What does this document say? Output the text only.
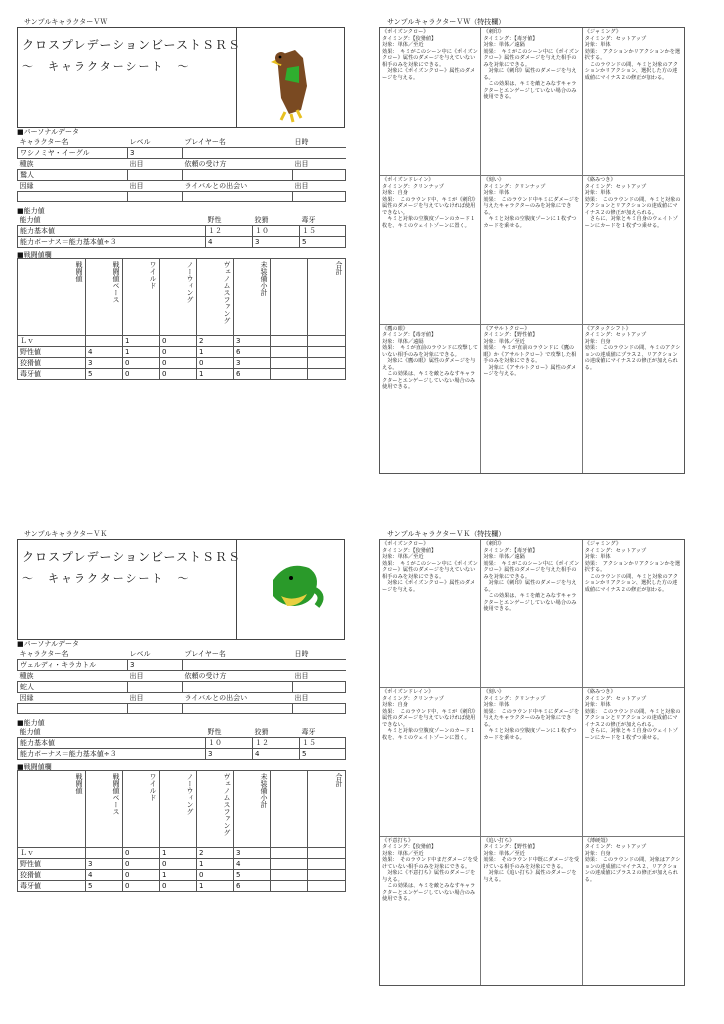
サンプルキャラクターＶＷ
クロスプレデーションビーストＳＲＳ
～　キャラクターシート　～
■パーソナルデータ
キャラクター名	レベル	プレイヤー名	日時
ワシノミヤ・イーグル	3		
種族	出目	依頼の受け方	出目
鷲人			
因縁	出目	ライバルとの出会い	出目

■能力値
能力値	野性	狡猾	毒牙
能力基本値	１２	１０	１５
能力ボーナス＝能力基本値÷３	4	3	5
■戦闘値欄
戦闘値	戦闘値ベース	ワイルド	ノーウィング	ヴェノムスファング	未装備小計		合計
Ｌｖ		1	0	2	3		
野性値	4	1	0	1	6		
狡猾値	3	0	0	0	3		
毒牙値	5	0	0	1	6		
サンプルキャラクターＶＷ（特技欄）
《ポイズンクロー》
タイミング：【狡猾値】
対象：単体／至近
効果：　キミがこのシーン中に《ポイズンクロー》属性のダメージを与えていない相手のみを対象にできる。
　対象に《ポイズンクロー》属性のダメージを与える。
《刺印》
タイミング：【毒牙値】
対象：単体／遠隔
効果：　キミがこのシーン中に《ポイズンクロー》属性のダメージを与えた相手のみを対象にできる。
　対象に《刺印》属性のダメージを与える。
　この効果は、キミを敵とみなすキャラクターとエンゲージしていない場合のみ使用できる。
《ジャミング》
タイミング：セットアップ
対象：単体
効果：　アクションかリアクションかを選択する。
　このラウンドの間、キミと対象のアクションかリアクション、選択した方の達成値にマイナス２の修正が加わる。
《ポイズンドレイン》
タイミング：クリンナップ
対象：自身
効果：　このラウンド中、キミが《刺印》属性のダメージを与えていなければ使用できない。
　キミと対象の空腹度ゾーンのカード１枚を、キミのウェイトゾーンに置く。
《刻い》
タイミング：クリンナップ
対象：単体
効果：　このラウンド中キミにダメージを与えたキャラクターのみを対象にできる。
　キミと対象の空腹度ゾーンに１枚ずつカードを乗せる。
《絡みつき》
タイミング：セットアップ
対象：単体
効果：　このラウンドの間、キミと対象のアクションとリアクションの達成値にマイナス２の修正が加えられる。
　さらに、対象とキミ自身のウェイトゾーンにカードを１枚ずつ乗せる。
《鷹の眼》
タイミング：【毒牙値】
対象：単体／遠隔
効果：　キミが直前のラウンドに攻撃していない相手のみを対象にできる。
　対象に《鷹の眼》属性のダメージを与える。
　この効果は、キミを敵とみなすキャラクターとエンゲージしていない場合のみ使用できる。
《アサルトクロー》
タイミング：【野性値】
対象：単体／至近
効果：　キミが直前のラウンドに《鷹の眼》か《アサルトクロー》で攻撃した相手のみを対象にできる。
　対象に《アサルトクロー》属性のダメージを与える。
《アタックシフト》
タイミング：セットアップ
対象：自身
効果：　このラウンドの間、キミのアクションの達成値にプラス２、リアクションの達成値にマイナス２の修正が加えられる。
サンプルキャラクターＶＫ
クロスプレデーションビーストＳＲＳ
～　キャラクターシート　～
■パーソナルデータ
キャラクター名	レベル	プレイヤー名	日時
ヴェルディ・キラカトル	3		
種族	出目	依頼の受け方	出目
蛇人			
因縁	出目	ライバルとの出会い	出目

■能力値
能力値	野性	狡猾	毒牙
能力基本値	１０	１２	１５
能力ボーナス＝能力基本値÷３	3	4	5
■戦闘値欄
戦闘値	戦闘値ベース	ワイルド	ノーウィング	ヴェノムスファング	未装備小計		合計
Ｌｖ		0	1	2	3		
野性値	3	0	0	1	4		
狡猾値	4	0	1	0	5		
毒牙値	5	0	0	1	6		
サンプルキャラクターＶＫ（特技欄）
《ポイズンクロー》
タイミング：【狡猾値】
対象：単体／至近
効果：　キミがこのシーン中に《ポイズンクロー》属性のダメージを与えていない相手のみを対象にできる。
　対象に《ポイズンクロー》属性のダメージを与える。
《刺印》
タイミング：【毒牙値】
対象：単体／遠隔
効果：　キミがこのシーン中に《ポイズンクロー》属性のダメージを与えた相手のみを対象にできる。
　対象に《刺印》属性のダメージを与える。
　この効果は、キミを敵とみなすキャラクターとエンゲージしていない場合のみ使用できる。
《ジャミング》
タイミング：セットアップ
対象：単体
効果：　アクションかリアクションかを選択する。
　このラウンドの間、キミと対象のアクションかリアクション、選択した方の達成値にマイナス２の修正が加わる。
《ポイズンドレイン》
タイミング：クリンナップ
対象：自身
効果：　このラウンド中、キミが《刺印》属性のダメージを与えていなければ使用できない。
　キミと対象の空腹度ゾーンのカード１枚を、キミのウェイトゾーンに置く。
《刻い》
タイミング：クリンナップ
対象：単体
効果：　このラウンド中キミにダメージを与えたキャラクターのみを対象にできる。
　キミと対象の空腹度ゾーンに１枚ずつカードを乗せる。
《絡みつき》
タイミング：セットアップ
対象：単体
効果：　このラウンドの間、キミと対象のアクションとリアクションの達成値にマイナス２の修正が加えられる。
　さらに、対象とキミ自身のウェイトゾーンにカードを１枚ずつ乗せる。
《不意打ち》
タイミング：【狡猾値】
対象：単体／至近
効果：　そのラウンド中まだダメージを受けていない相手のみを対象にできる。
　対象に《不意打ち》属性のダメージを与える。
　この効果は、キミを敵とみなすキャラクターとエンゲージしていない場合のみ使用できる。
《追い打ち》
タイミング：【野性値】
対象：単体／至近
効果：　そのラウンド中既にダメージを受けている相手のみを対象にできる。
　対象に《追い打ち》属性のダメージを与える。
《薄硬殻》
タイミング：セットアップ
対象：自身
効果：　このラウンドの間、対象はアクションの達成値にマイナス２、リアクションの達成値にプラス２の修正が加えられる。
